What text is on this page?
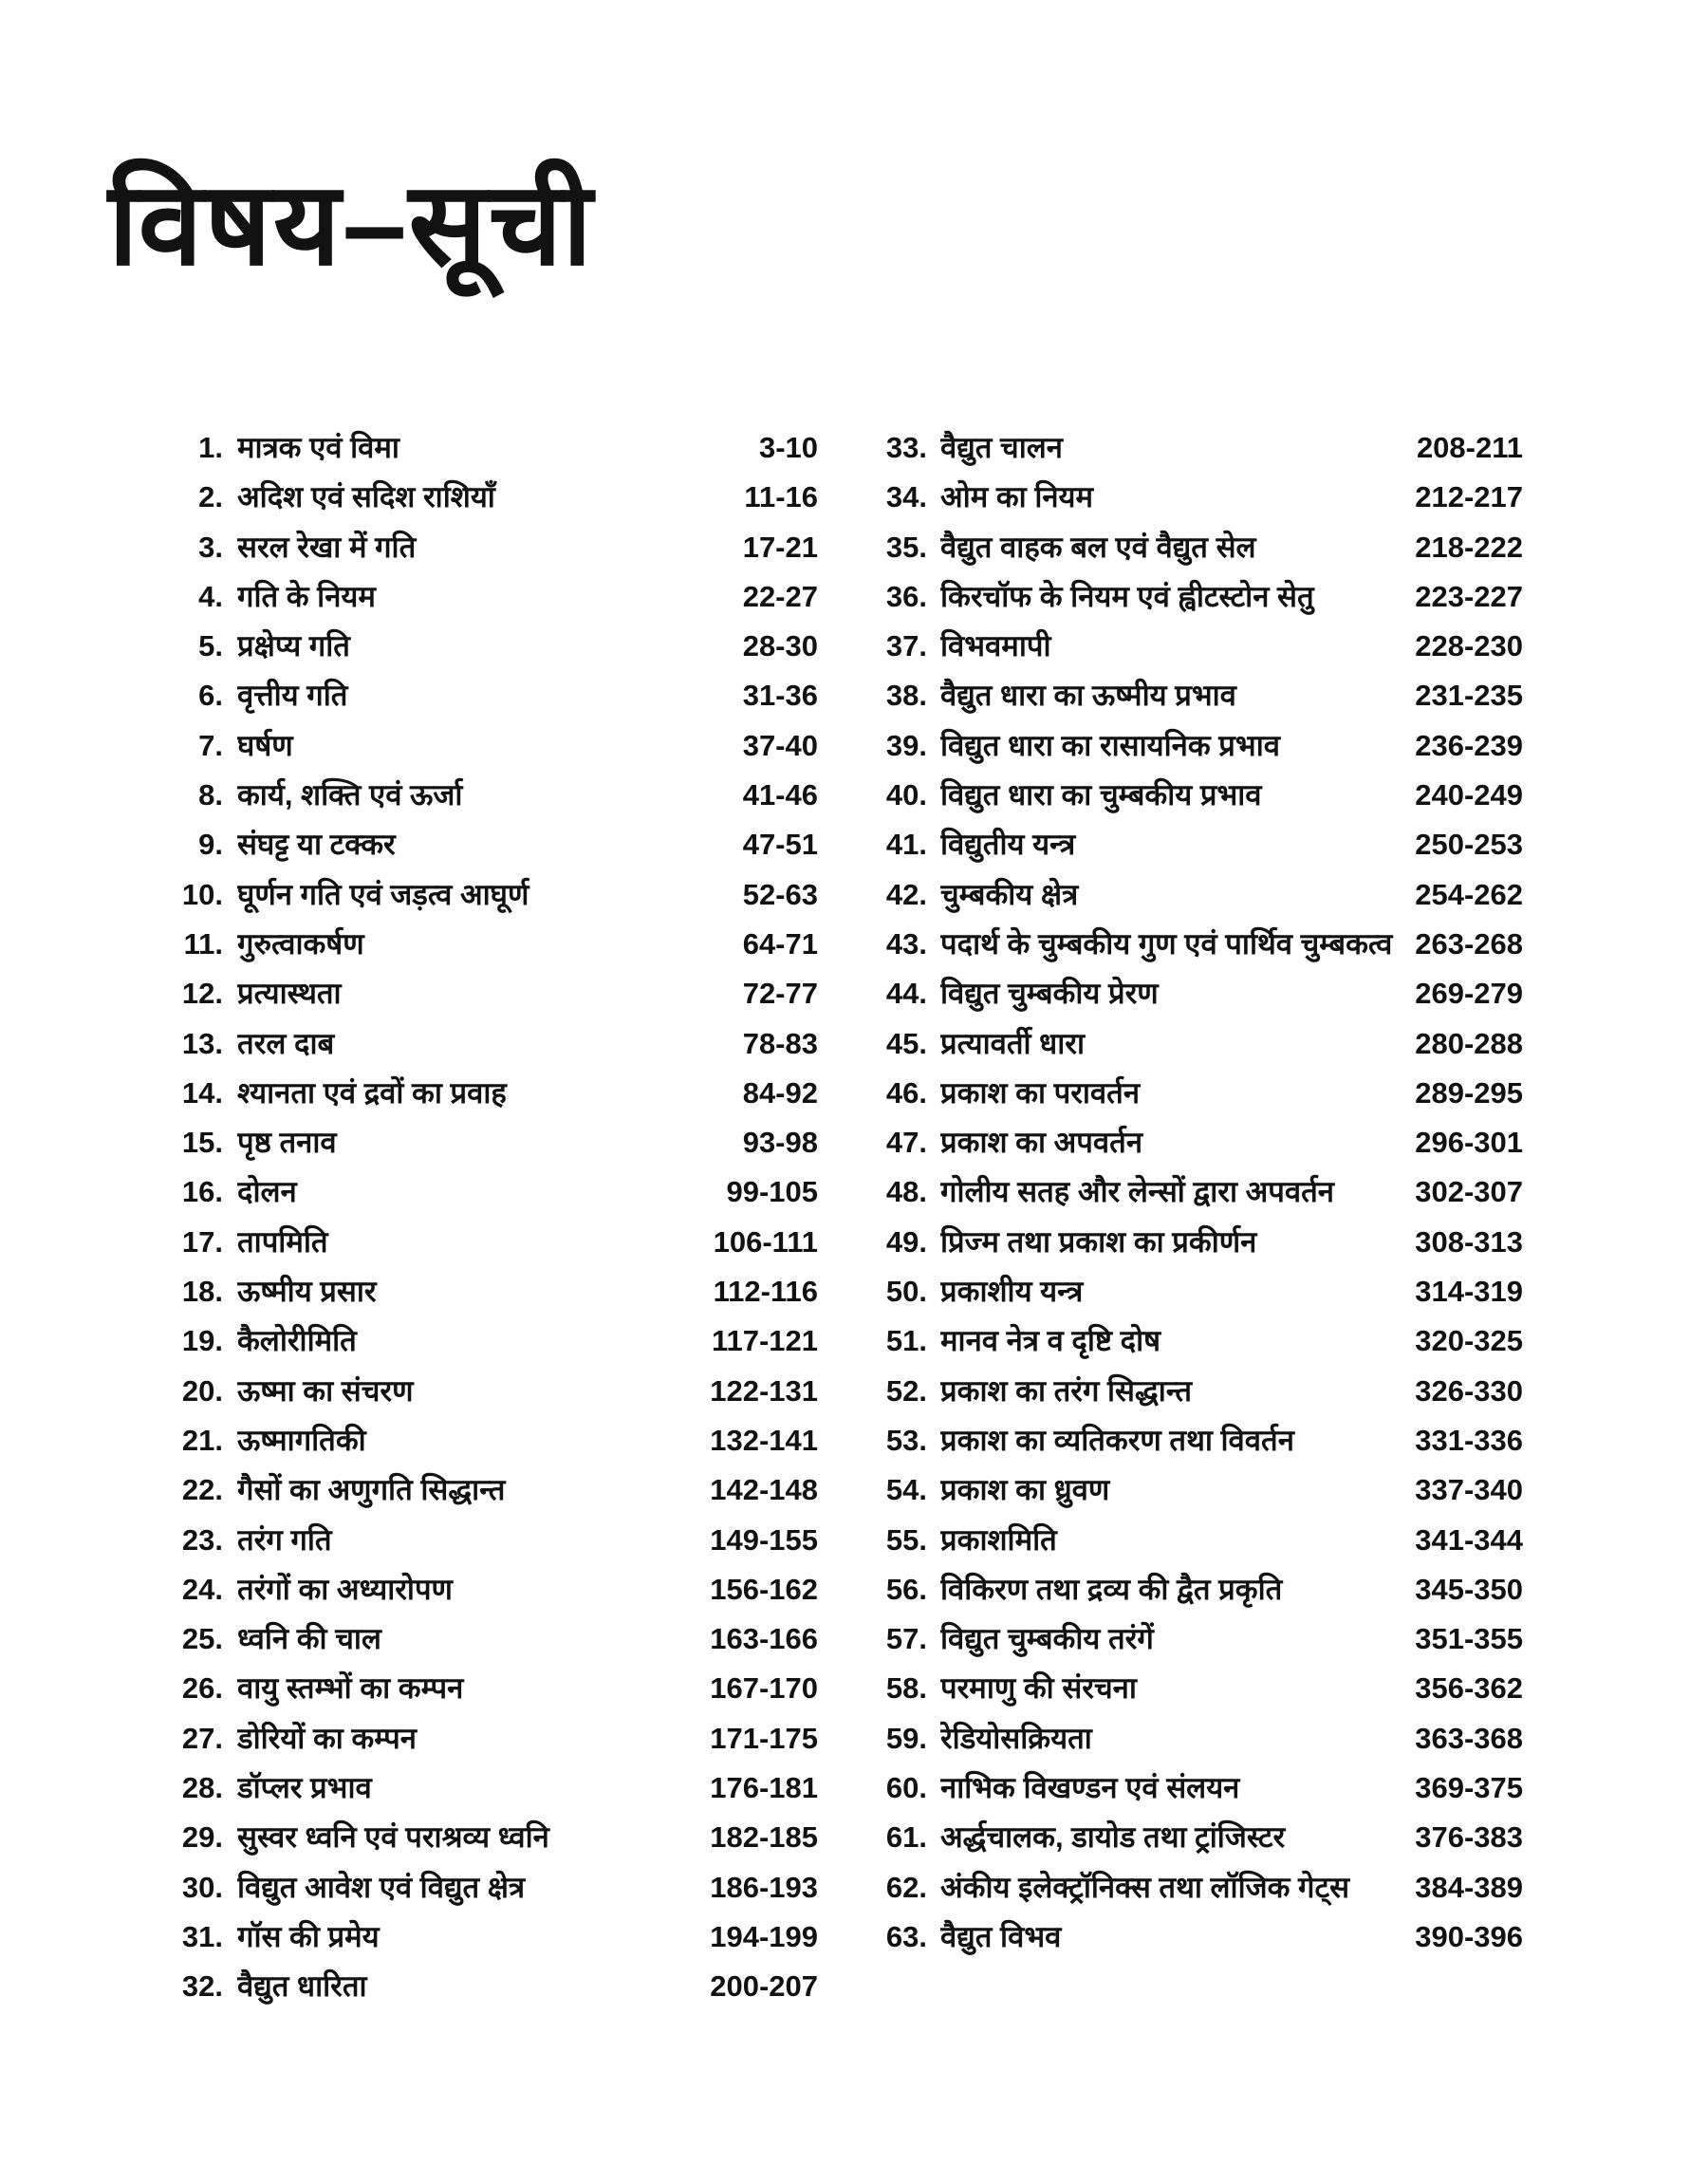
विषय–सूची
1. मात्रक एवं विमा	3-10
2. अदिश एवं सदिश राशियाँ	11-16
3. सरल रेखा में गति	17-21
4. गति के नियम	22-27
5. प्रक्षेप्य गति	28-30
6. वृत्तीय गति	31-36
7. घर्षण	37-40
8. कार्य, शक्ति एवं ऊर्जा	41-46
9. संघट्ट या टक्कर	47-51
10. घूर्णन गति एवं जड़त्व आघूर्ण	52-63
11. गुरुत्वाकर्षण	64-71
12. प्रत्यास्थता	72-77
13. तरल दाब	78-83
14. श्यानता एवं द्रवों का प्रवाह	84-92
15. पृष्ठ तनाव	93-98
16. दोलन	99-105
17. तापमिति	106-111
18. ऊष्मीय प्रसार	112-116
19. कैलोरीमिति	117-121
20. ऊष्मा का संचरण	122-131
21. ऊष्मागतिकी	132-141
22. गैसों का अणुगति सिद्धान्त	142-148
23. तरंग गति	149-155
24. तरंगों का अध्यारोपण	156-162
25. ध्वनि की चाल	163-166
26. वायु स्तम्भों का कम्पन	167-170
27. डोरियों का कम्पन	171-175
28. डॉप्लर प्रभाव	176-181
29. सुस्वर ध्वनि एवं पराश्रव्य ध्वनि	182-185
30. विद्युत आवेश एवं विद्युत क्षेत्र	186-193
31. गॉस की प्रमेय	194-199
32. वैद्युत धारिता	200-207
33. वैद्युत चालन	208-211
34. ओम का नियम	212-217
35. वैद्युत वाहक बल एवं वैद्युत सेल	218-222
36. किरचॉफ के नियम एवं ह्वीटस्टोन सेतु	223-227
37. विभवमापी	228-230
38. वैद्युत धारा का ऊष्मीय प्रभाव	231-235
39. विद्युत धारा का रासायनिक प्रभाव	236-239
40. विद्युत धारा का चुम्बकीय प्रभाव	240-249
41. विद्युतीय यन्त्र	250-253
42. चुम्बकीय क्षेत्र	254-262
43. पदार्थ के चुम्बकीय गुण एवं पार्थिव चुम्बकत्व 263-268
44. विद्युत चुम्बकीय प्रेरण	269-279
45. प्रत्यावर्ती धारा	280-288
46. प्रकाश का परावर्तन	289-295
47. प्रकाश का अपवर्तन	296-301
48. गोलीय सतह और लेन्सों द्वारा अपवर्तन	302-307
49. प्रिज्म तथा प्रकाश का प्रकीर्णन	308-313
50. प्रकाशीय यन्त्र	314-319
51. मानव नेत्र व दृष्टि दोष	320-325
52. प्रकाश का तरंग सिद्धान्त	326-330
53. प्रकाश का व्यतिकरण तथा विवर्तन	331-336
54. प्रकाश का ध्रुवण	337-340
55. प्रकाशमिति	341-344
56. विकिरण तथा द्रव्य की द्वैत प्रकृति	345-350
57. विद्युत चुम्बकीय तरंगें	351-355
58. परमाणु की संरचना	356-362
59. रेडियोसक्रियता	363-368
60. नाभिक विखण्डन एवं संलयन	369-375
61. अर्द्धचालक, डायोड तथा ट्रांजिस्टर	376-383
62. अंकीय इलेक्ट्रॉनिक्स तथा लॉजिक गेट्स	384-389
63. वैद्युत विभव	390-396
